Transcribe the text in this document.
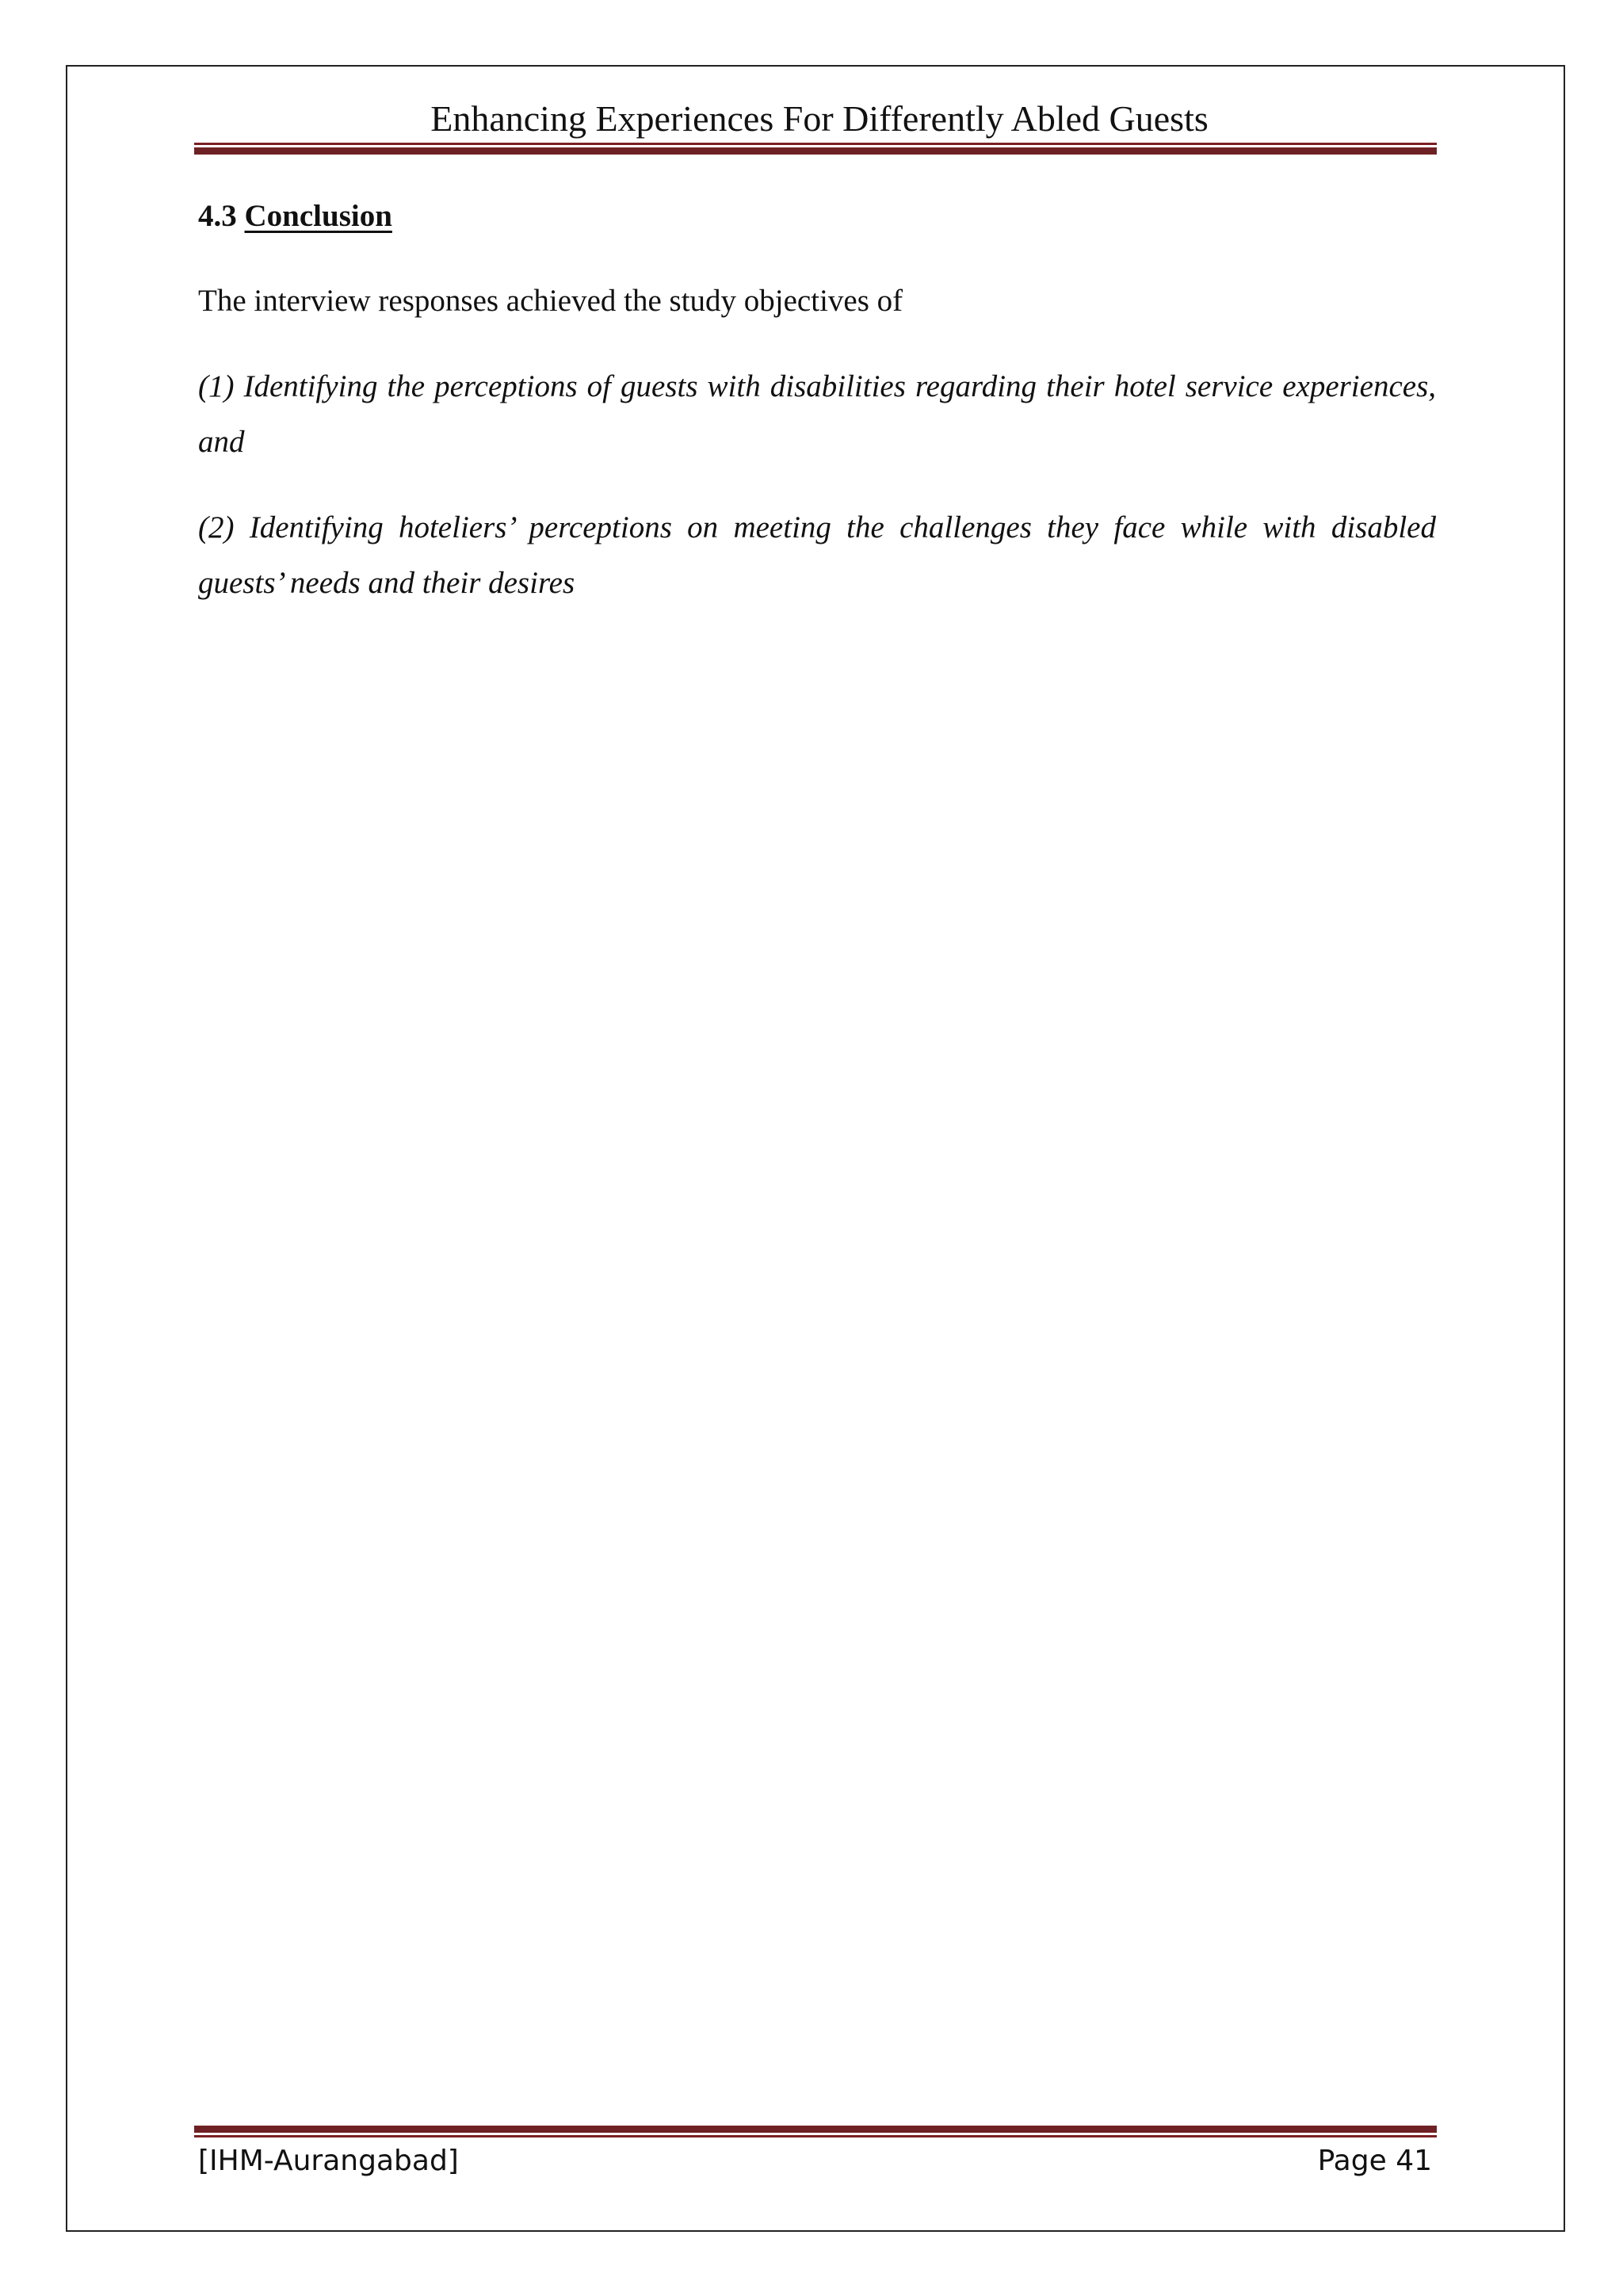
Enhancing Experiences For Differently Abled Guests
4.3 Conclusion

The interview responses achieved the study objectives of

(1) Identifying the perceptions of guests with disabilities regarding their hotel service experiences, and

(2) Identifying hoteliers’ perceptions on meeting the challenges they face while with disabled guests’ needs and their desires

[IHM-Aurangabad]	Page 41
